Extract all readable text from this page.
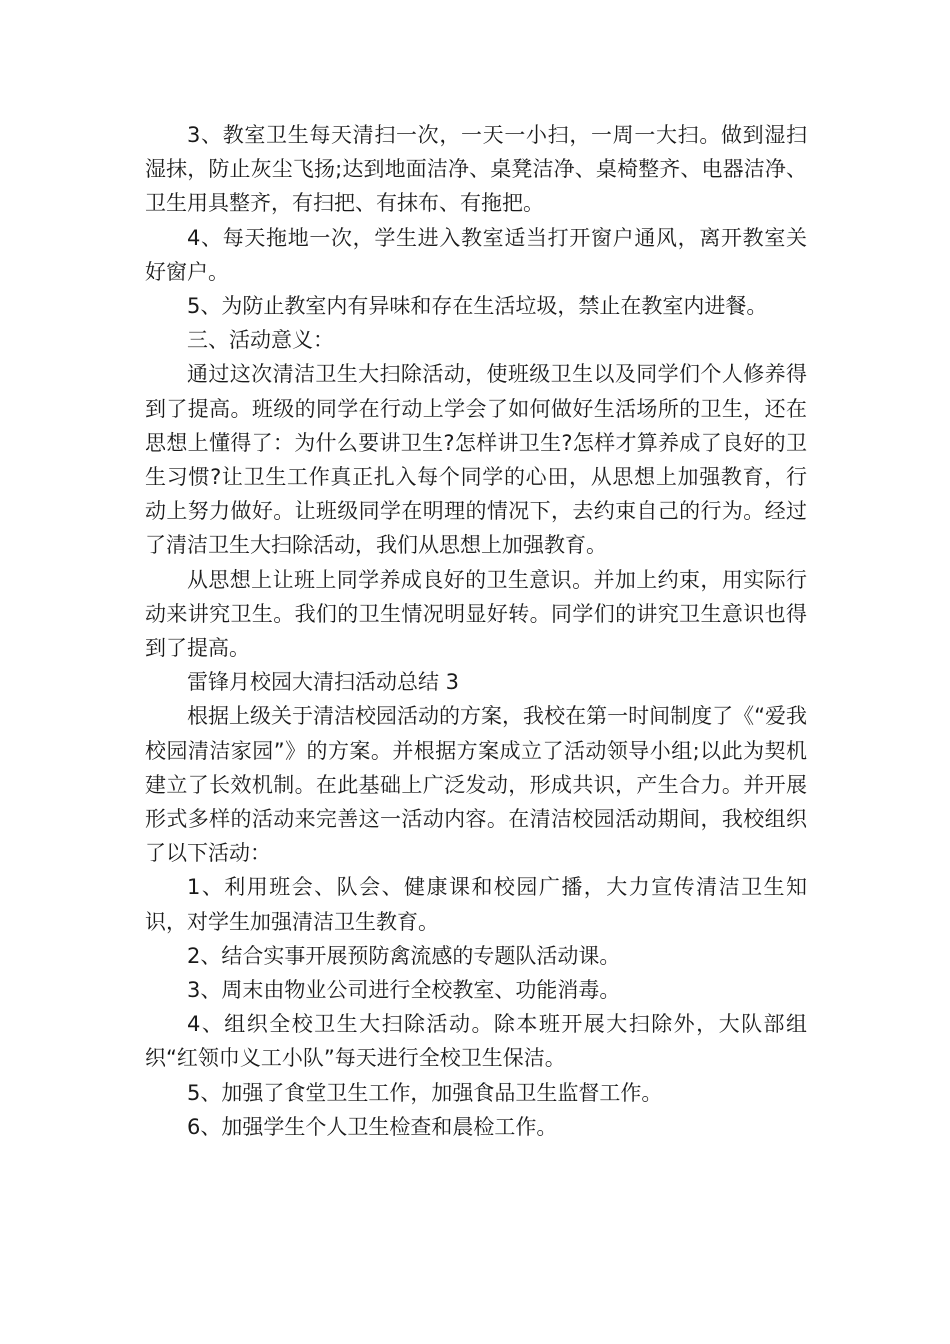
3、教室卫生每天清扫一次，一天一小扫，一周一大扫。做到湿扫湿抹，防止灰尘飞扬;达到地面洁净、桌凳洁净、桌椅整齐、电器洁净、卫生用具整齐，有扫把、有抹布、有拖把。

4、每天拖地一次，学生进入教室适当打开窗户通风，离开教室关好窗户。

5、为防止教室内有异味和存在生活垃圾，禁止在教室内进餐。

三、活动意义：

通过这次清洁卫生大扫除活动，使班级卫生以及同学们个人修养得到了提高。班级的同学在行动上学会了如何做好生活场所的卫生，还在思想上懂得了：为什么要讲卫生?怎样讲卫生?怎样才算养成了良好的卫生习惯?让卫生工作真正扎入每个同学的心田，从思想上加强教育，行动上努力做好。让班级同学在明理的情况下，去约束自己的行为。经过了清洁卫生大扫除活动，我们从思想上加强教育。

从思想上让班上同学养成良好的卫生意识。并加上约束，用实际行动来讲究卫生。我们的卫生情况明显好转。同学们的讲究卫生意识也得到了提高。

雷锋月校园大清扫活动总结 3

根据上级关于清洁校园活动的方案，我校在第一时间制度了《“爱我校园清洁家园”》的方案。并根据方案成立了活动领导小组;以此为契机建立了长效机制。在此基础上广泛发动，形成共识，产生合力。并开展形式多样的活动来完善这一活动内容。在清洁校园活动期间，我校组织了以下活动：

1、利用班会、队会、健康课和校园广播，大力宣传清洁卫生知识，对学生加强清洁卫生教育。

2、结合实事开展预防禽流感的专题队活动课。

3、周末由物业公司进行全校教室、功能消毒。

4、组织全校卫生大扫除活动。除本班开展大扫除外，大队部组织“红领巾义工小队”每天进行全校卫生保洁。

5、加强了食堂卫生工作，加强食品卫生监督工作。

6、加强学生个人卫生检查和晨检工作。
